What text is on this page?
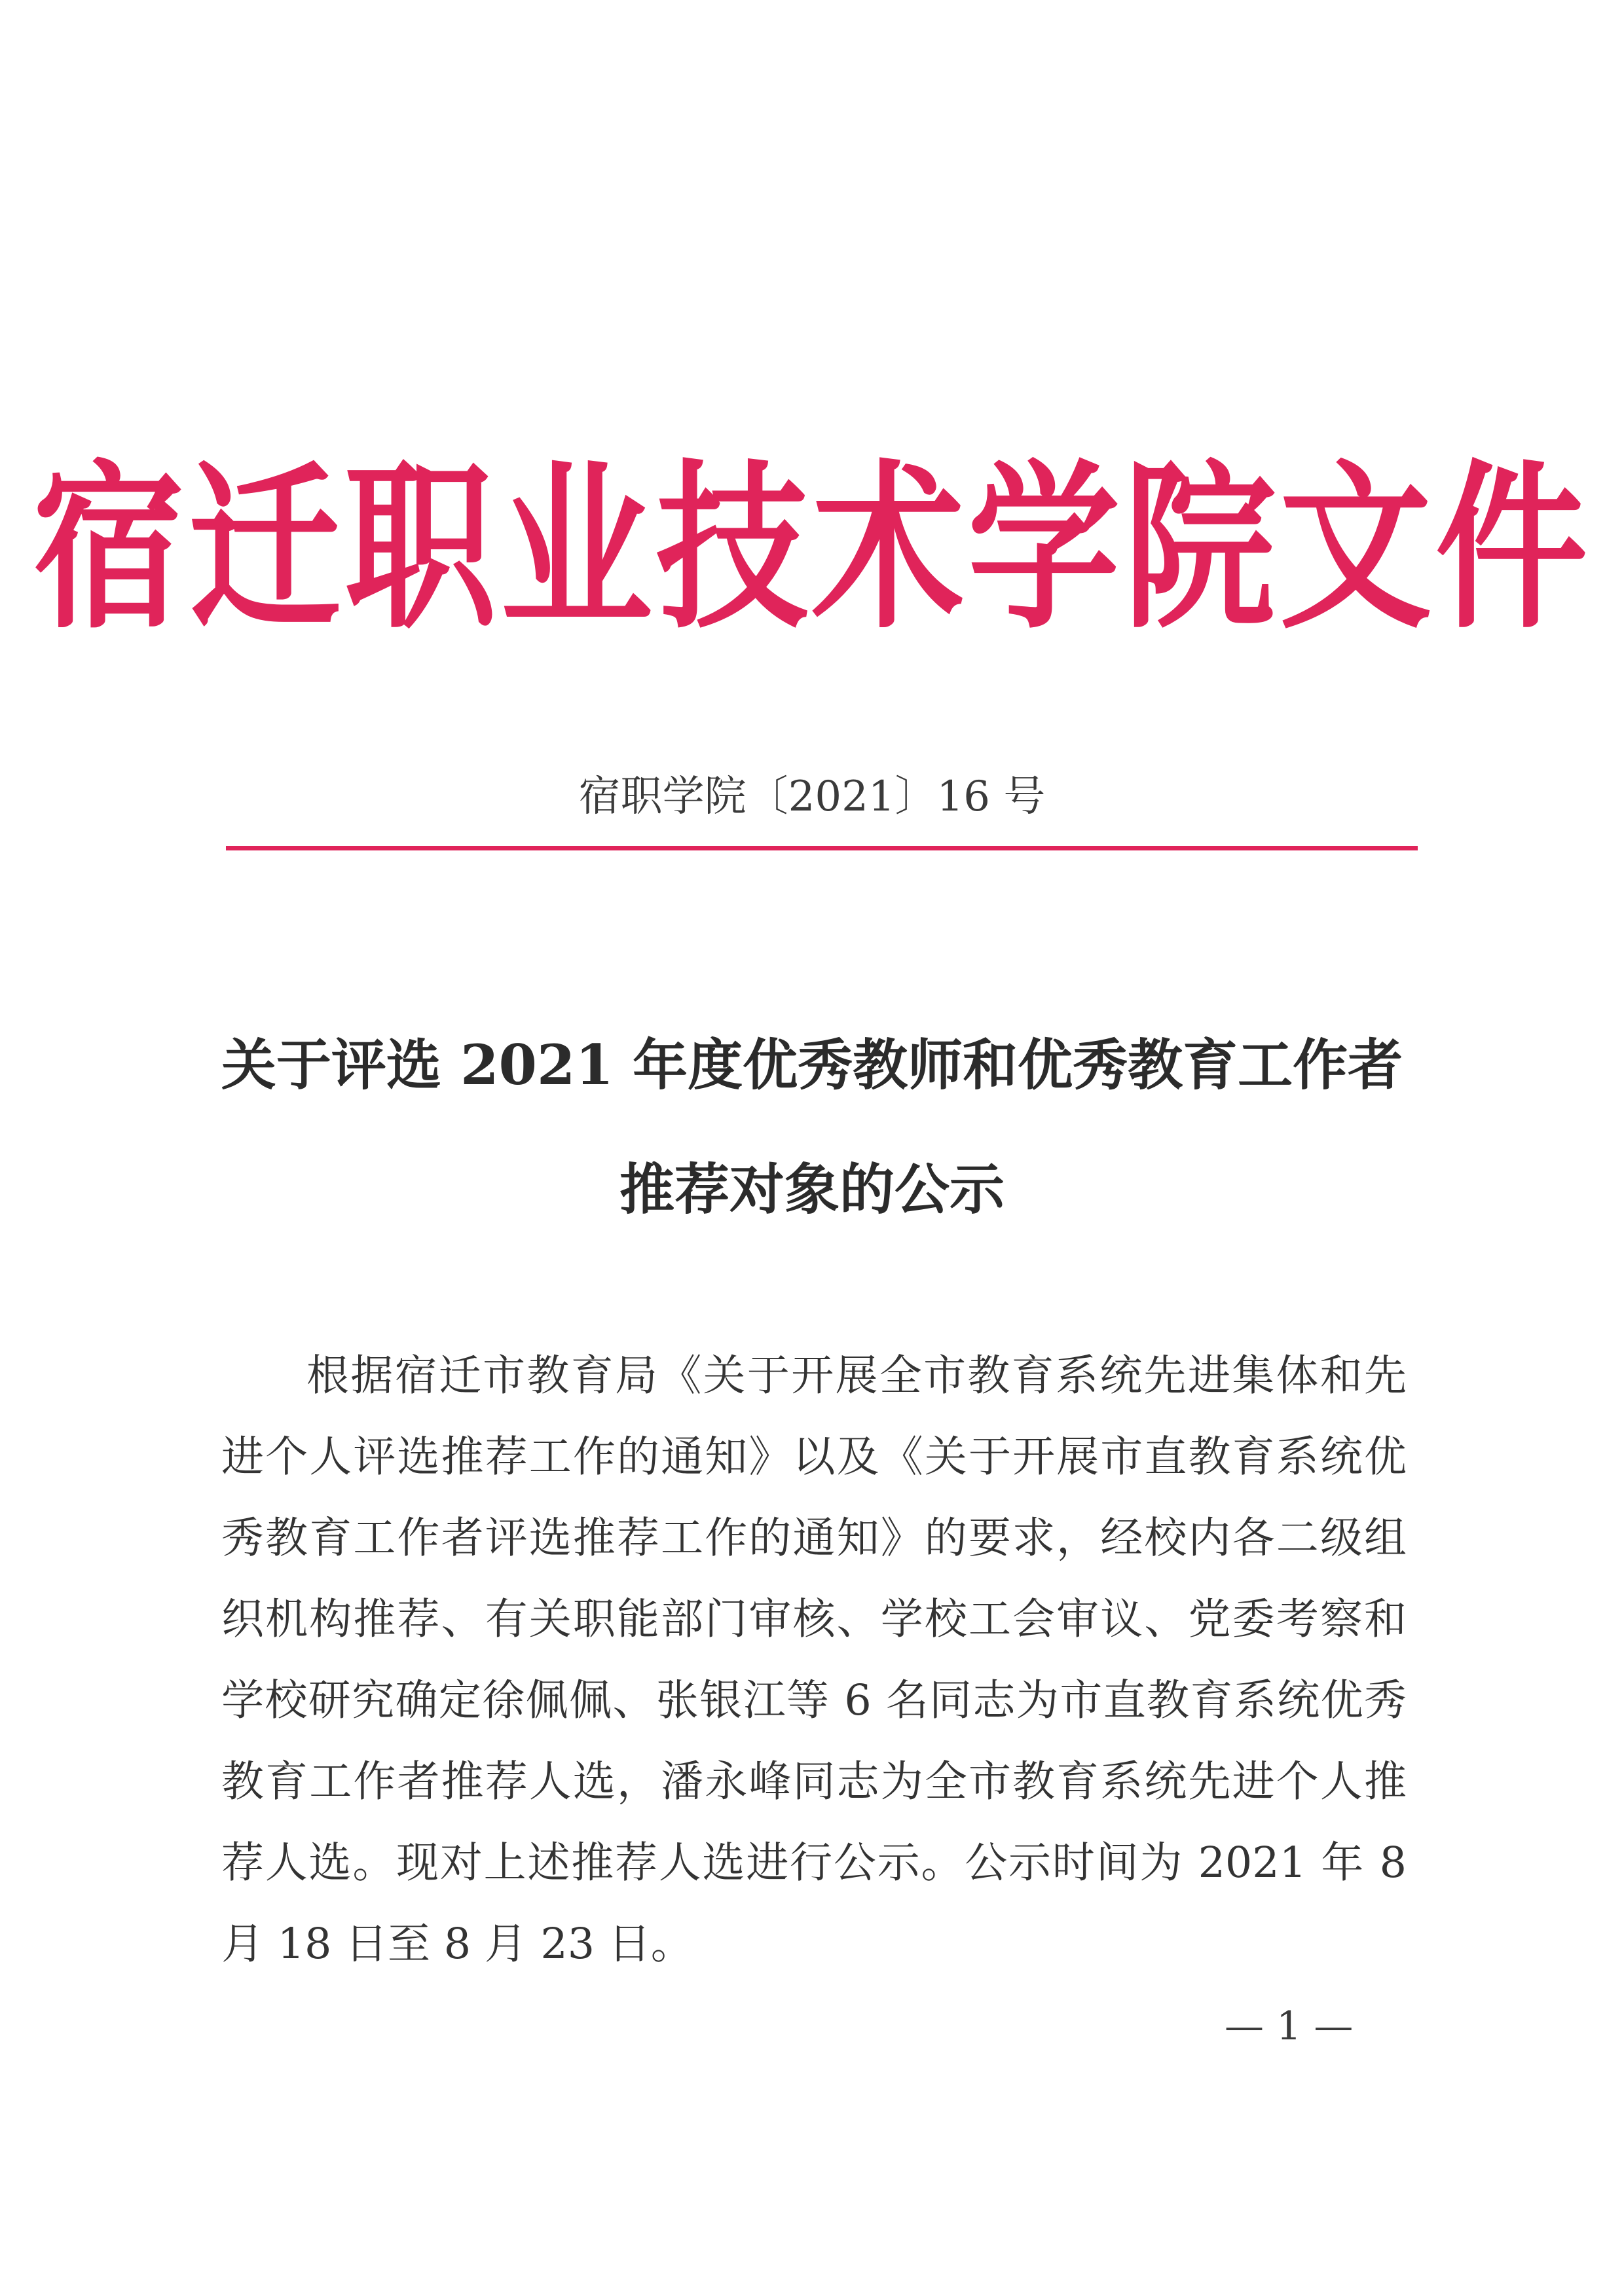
宿迁职业技术学院文件
宿职学院〔2021〕16 号
关于评选 2021 年度优秀教师和优秀教育工作者
推荐对象的公示
根据宿迁市教育局《关于开展全市教育系统先进集体和先进个人评选推荐工作的通知》以及《关于开展市直教育系统优秀教育工作者评选推荐工作的通知》的要求，经校内各二级组织机构推荐、有关职能部门审核、学校工会审议、党委考察和学校研究确定徐佩佩、张银江等 6 名同志为市直教育系统优秀教育工作者推荐人选，潘永峰同志为全市教育系统先进个人推荐人选。现对上述推荐人选进行公示。公示时间为 2021 年 8 月 18 日至 8 月 23 日。
— 1 —
